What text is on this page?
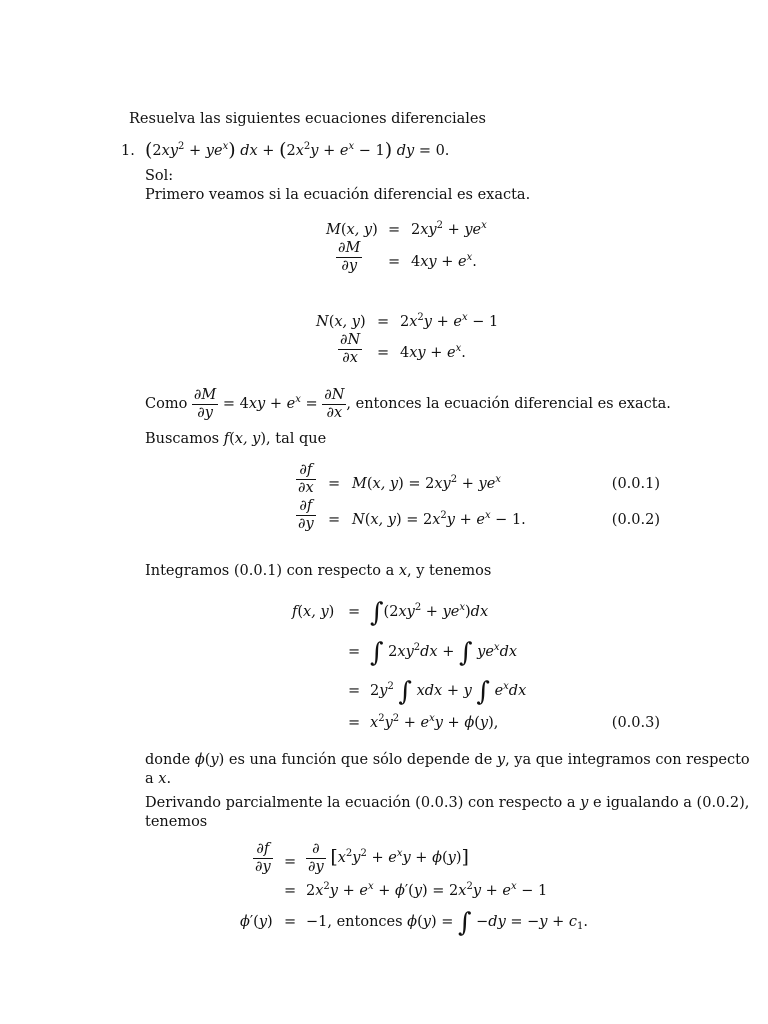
Resuelva las siguientes ecuaciones diferenciales
1. $(2xy^2 + ye^x)$ dx + $(2x^2y + e^x - 1)$ dy = 0.
Sol:
Primero veamos si la ecuación diferencial es exacta.
M(x, $y) = 2xy^2 + ye^x$
$\frac{\partial M}{\partial y} = 4xy + e^x$.
N(x, $y) = 2x^2y + e^x - 1$
$\frac{\partial N}{\partial x} = 4xy + e^x$.
Como $\frac{\partial M}{\partial y} = 4xy + e^x = \frac{\partial N}{\partial x}$ , entonces la ecuación diferencial es exacta.
Buscamos f(x, y), tal que
$\frac{\partial f}{\partial x} = M(x$, $y) = 2xy^2 + ye^x$	(0.0.1)
$\frac{\partial f}{\partial y} = N(x$, $y) = 2x^2y + e^x - 1$.	(0.0.2)
Integramos (0.0.1) con respecto a x, y tenemos
f(x, $y) = \int(2xy^2 + ye^x)dx$
= ∫ $2xy^2dx$ + ∫ $ye^xdx$
= $2y^2$ ∫ xdx + y ∫ $e^xdx$
= $x^2y^2 + e^xy + \phi(y)$,	(0.0.3)

donde ϕ(y) es una función que sólo depende de y, ya que integramos con respecto
a x.

Derivando parcialmente la ecuación (0.0.3) con respecto a y e igualando a (0.0.2),
tenemos

$\frac{\partial f}{\partial y} = \frac{\partial}{\partial y} [x^2y^2 + e^xy + \phi(y)]$
= $2x^2y + e^x + \phi'(y) = 2x^2y + e^x - 1$
ϕ′(y) = −1, entonces ϕ(y) = ∫ $-dy = -y + c_1$.
